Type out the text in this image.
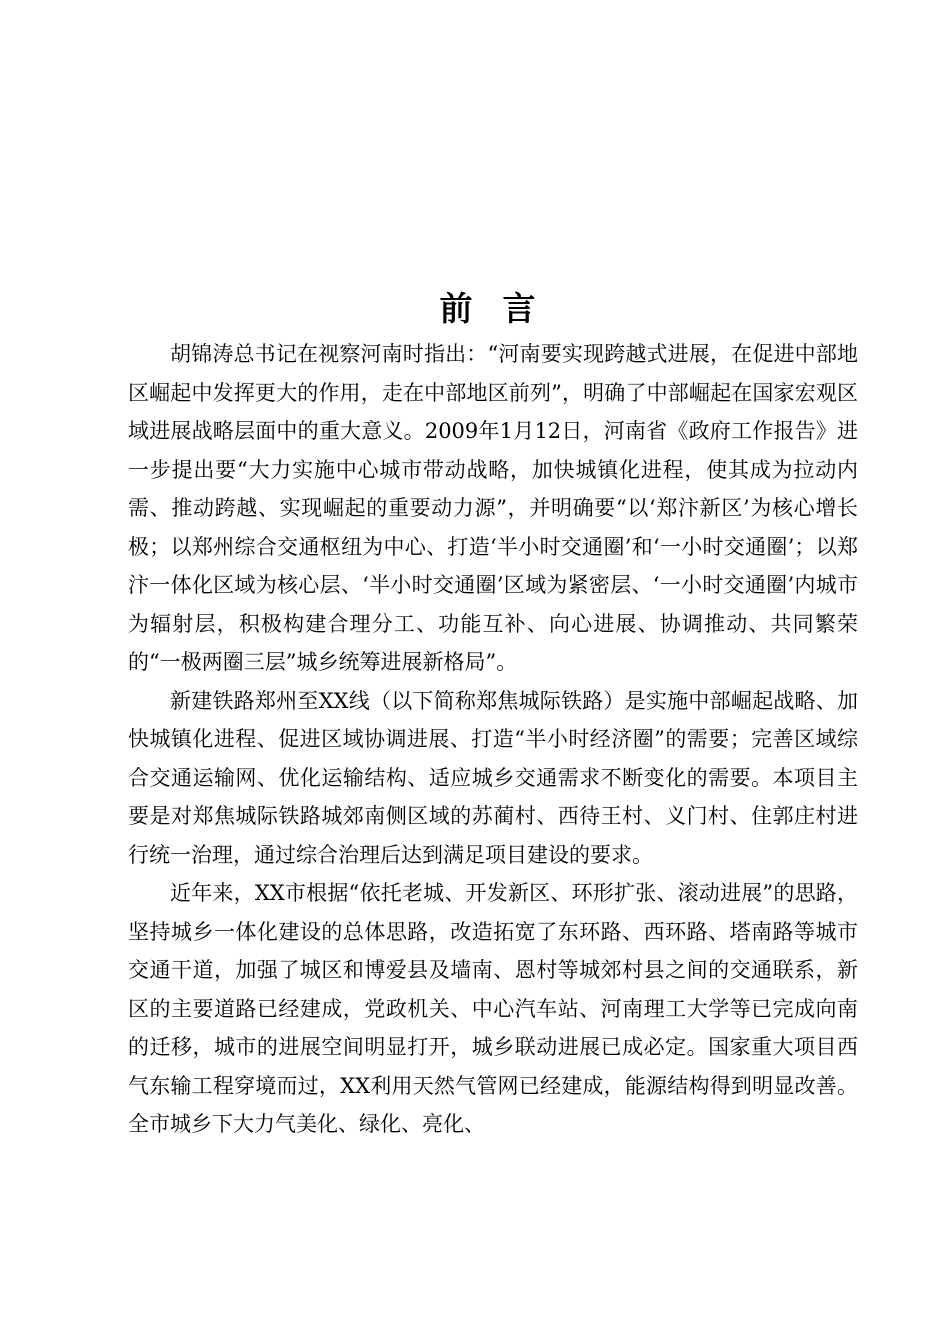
前 言

胡锦涛总书记在视察河南时指出：“河南要实现跨越式进展，在促进中部地区崛起中发挥更大的作用，走在中部地区前列”，明确了中部崛起在国家宏观区域进展战略层面中的重大意义。2009年1月12日，河南省《政府工作报告》进一步提出要“大力实施中心城市带动战略，加快城镇化进程，使其成为拉动内需、推动跨越、实现崛起的重要动力源”，并明确要“以‘郑汴新区’为核心增长极；以郑州综合交通枢纽为中心、打造‘半小时交通圈’和‘一小时交通圈’；以郑汴一体化区域为核心层、‘半小时交通圈’区域为紧密层、‘一小时交通圈’内城市为辐射层，积极构建合理分工、功能互补、向心进展、协调推动、共同繁荣的“一极两圈三层”城乡统筹进展新格局”。

新建铁路郑州至XX线（以下简称郑焦城际铁路）是实施中部崛起战略、加快城镇化进程、促进区域协调进展、打造“半小时经济圈”的需要；完善区域综合交通运输网、优化运输结构、适应城乡交通需求不断变化的需要。本项目主要是对郑焦城际铁路城郊南侧区域的苏蔺村、西待王村、义门村、住郭庄村进行统一治理，通过综合治理后达到满足项目建设的要求。

近年来，XX市根据“依托老城、开发新区、环形扩张、滚动进展”的思路，坚持城乡一体化建设的总体思路，改造拓宽了东环路、西环路、塔南路等城市交通干道，加强了城区和博爱县及墙南、恩村等城郊村县之间的交通联系，新区的主要道路已经建成，党政机关、中心汽车站、河南理工大学等已完成向南的迁移，城市的进展空间明显打开，城乡联动进展已成必定。国家重大项目西气东输工程穿境而过，XX利用天然气管网已经建成，能源结构得到明显改善。全市城乡下大力气美化、绿化、亮化、
